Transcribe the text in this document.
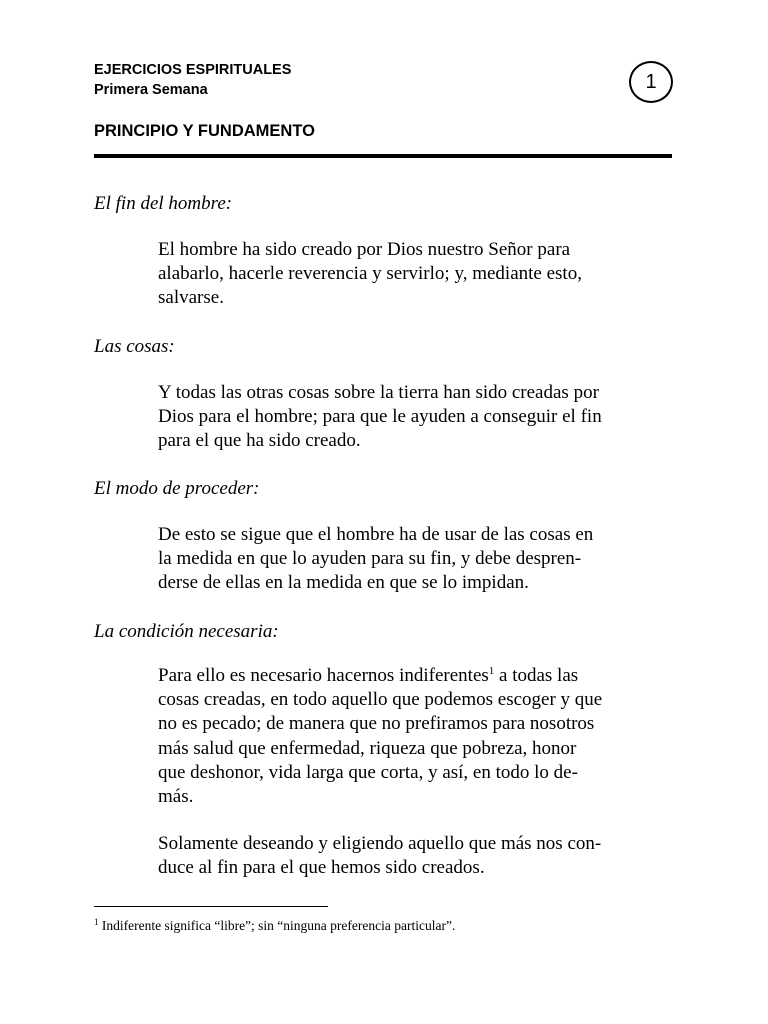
EJERCICIOS ESPIRITUALES
Primera Semana	1
PRINCIPIO Y FUNDAMENTO

El fin del hombre:

El hombre ha sido creado por Dios nuestro Señor para
alabarlo, hacerle reverencia y servirlo; y, mediante esto,
salvarse.

Las cosas:

Y todas las otras cosas sobre la tierra han sido creadas por
Dios para el hombre; para que le ayuden a conseguir el fin
para el que ha sido creado.

El modo de proceder:

De esto se sigue que el hombre ha de usar de las cosas en
la medida en que lo ayuden para su fin, y debe despren-
derse de ellas en la medida en que se lo impidan.

La condición necesaria:

Para ello es necesario hacernos indiferentes$^1$ a todas las
cosas creadas, en todo aquello que podemos escoger y que
no es pecado; de manera que no prefiramos para nosotros
más salud que enfermedad, riqueza que pobreza, honor
que deshonor, vida larga que corta, y así, en todo lo de-
más.

Solamente deseando y eligiendo aquello que más nos con-
duce al fin para el que hemos sido creados.

$^1$ Indiferente significa “libre”; sin “ninguna preferencia particular”.
